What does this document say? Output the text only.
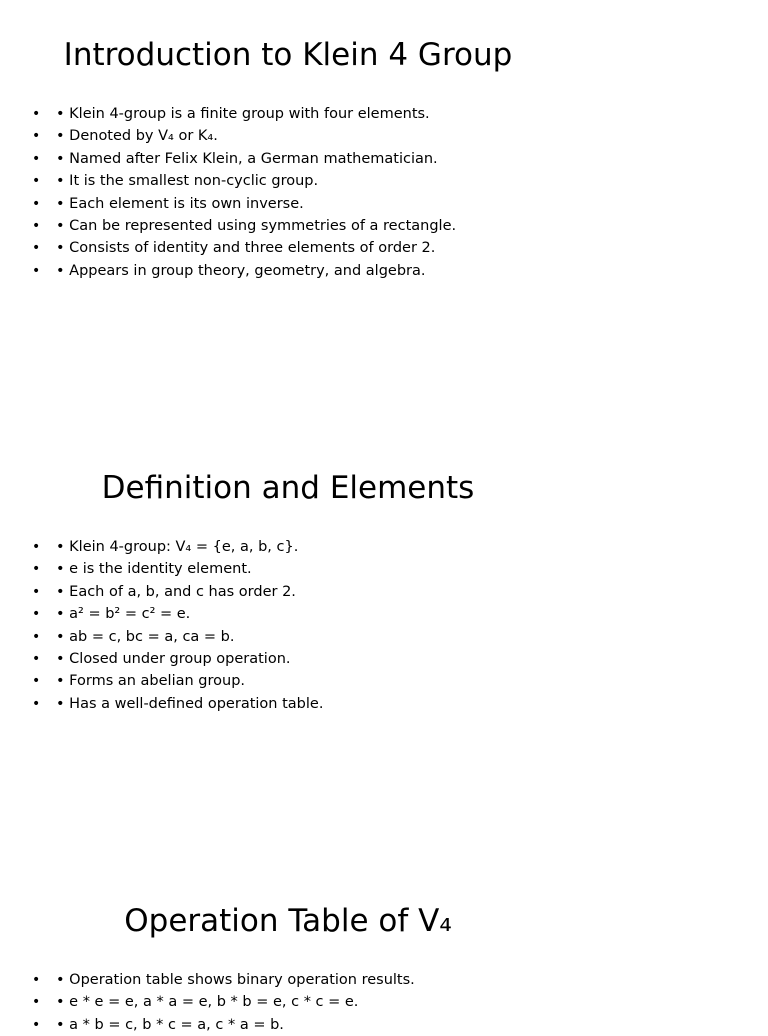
Introduction to Klein 4 Group
• • Klein 4-group is a finite group with four elements.
• • Denoted by V₄ or K₄.
• • Named after Felix Klein, a German mathematician.
• • It is the smallest non-cyclic group.
• • Each element is its own inverse.
• • Can be represented using symmetries of a rectangle.
• • Consists of identity and three elements of order 2.
• • Appears in group theory, geometry, and algebra.
Definition and Elements
• • Klein 4-group: V₄ = {e, a, b, c}.
• • e is the identity element.
• • Each of a, b, and c has order 2.
• • a² = b² = c² = e.
• • ab = c, bc = a, ca = b.
• • Closed under group operation.
• • Forms an abelian group.
• • Has a well-defined operation table.
Operation Table of V₄
• • Operation table shows binary operation results.
• • e * e = e, a * a = e, b * b = e, c * c = e.
• • a * b = c, b * c = a, c * a = b.
